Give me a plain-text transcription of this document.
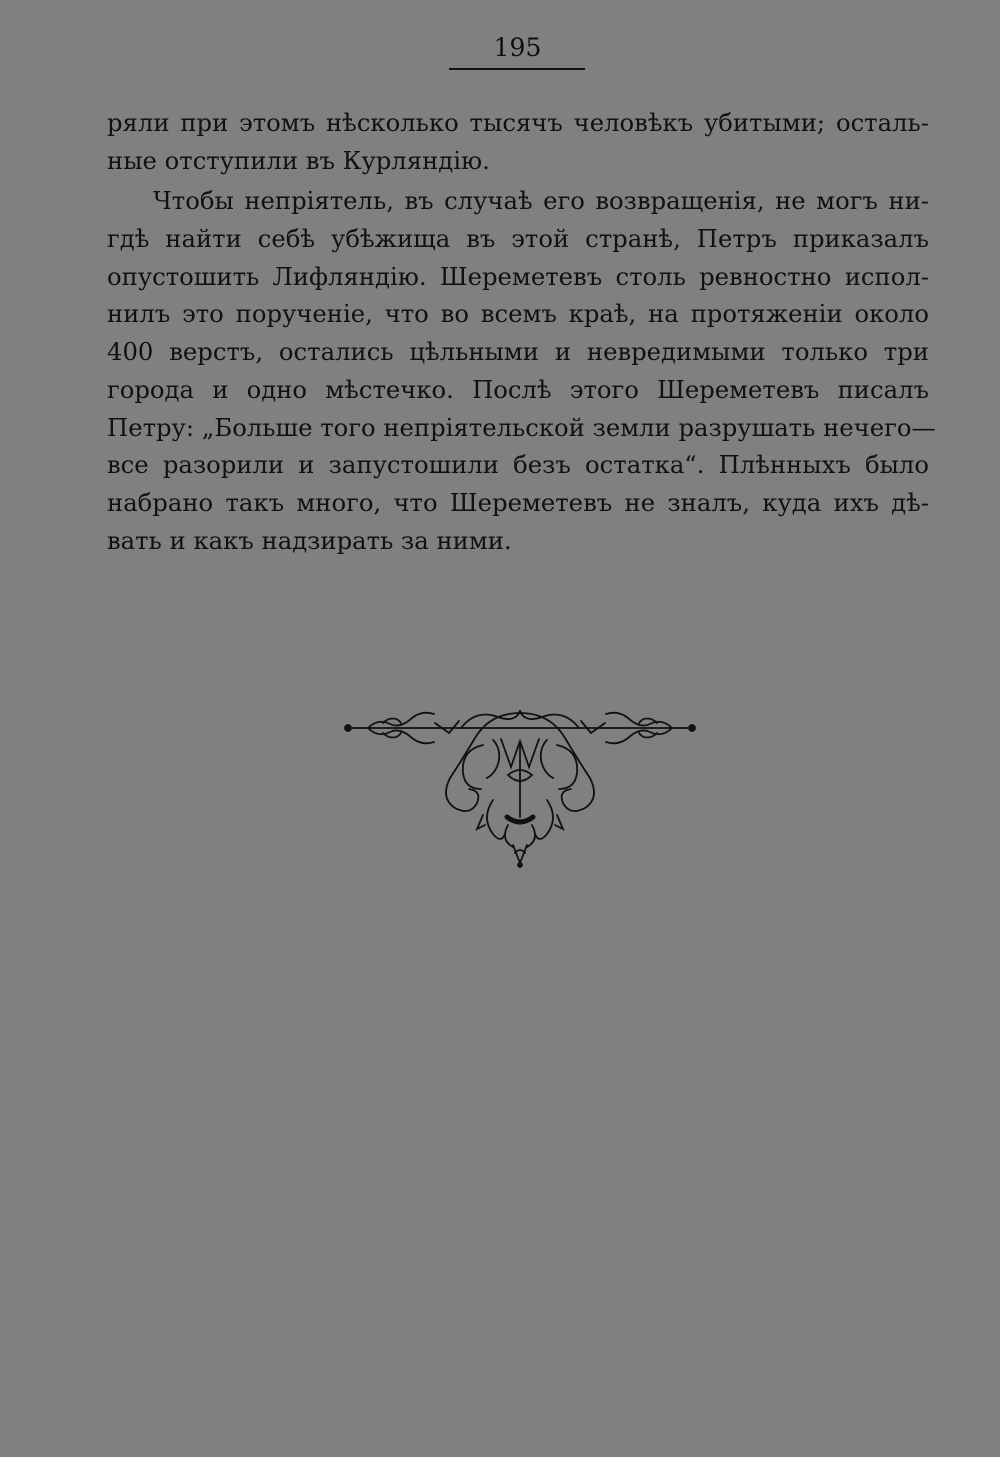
195
ряли при этомъ нѣсколько тысячъ человѣкъ убитыми; осталь-
ные отступили въ Курляндію.
Чтобы непріятель, въ случаѣ его возвращенія, не могъ ни-
гдѣ найти себѣ убѣжища въ этой странѣ, Петръ приказалъ
опустошить Лифляндію. Шереметевъ столь ревностно испол-
нилъ это порученіе, что во всемъ краѣ, на протяженіи около
400 верстъ, остались цѣльными и невредимыми только три
города и одно мѣстечко. Послѣ этого Шереметевъ писалъ
Петру: „Больше того непріятельской земли разрушать нечего—
все разорили и запустошили безъ остатка“. Плѣнныхъ было
набрано такъ много, что Шереметевъ не зналъ, куда ихъ дѣ-
вать и какъ надзирать за ними.
